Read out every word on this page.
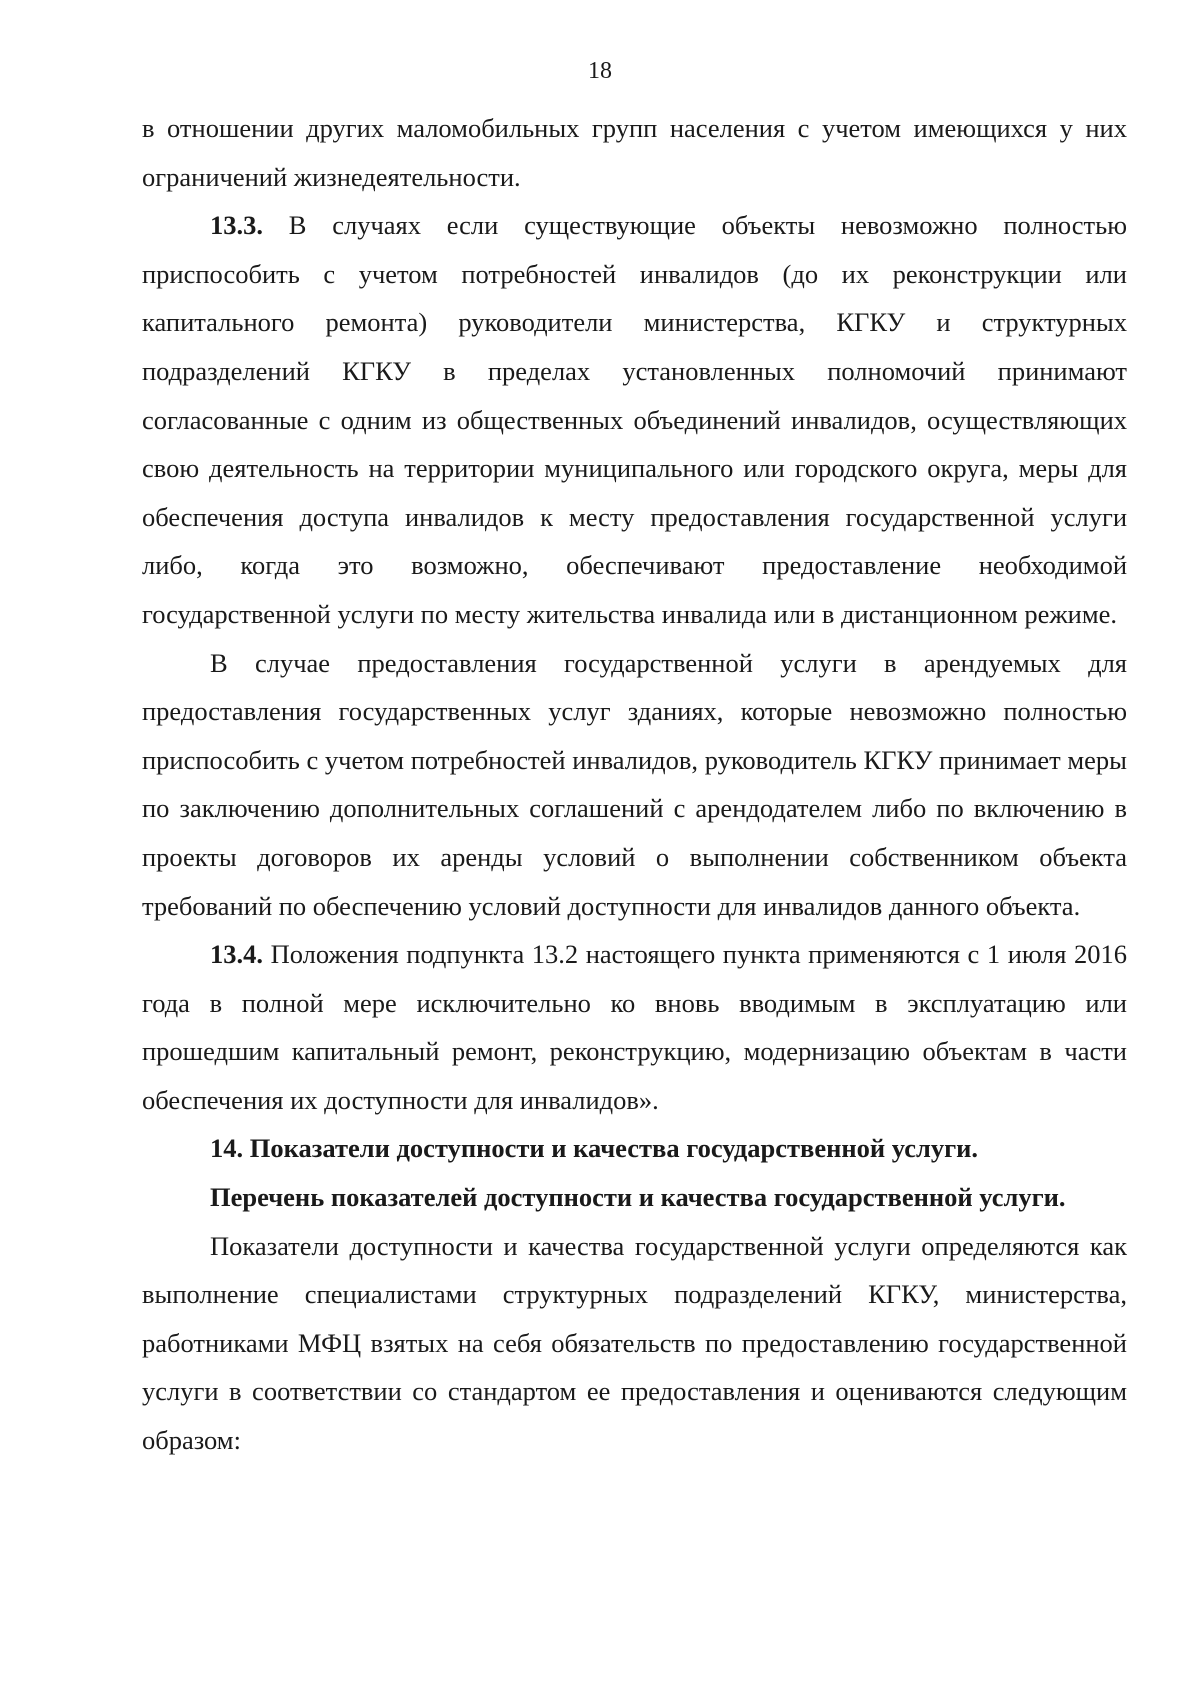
18

в отношении других маломобильных групп населения с учетом имеющихся у них ограничений жизнедеятельности.

13.3. В случаях если существующие объекты невозможно полностью приспособить с учетом потребностей инвалидов (до их реконструкции или капитального ремонта) руководители министерства, КГКУ и структурных подразделений КГКУ в пределах установленных полномочий принимают согласованные с одним из общественных объединений инвалидов, осуществляющих свою деятельность на территории муниципального или городского округа, меры для обеспечения доступа инвалидов к месту предоставления государственной услуги либо, когда это возможно, обеспечивают предоставление необходимой государственной услуги по месту жительства инвалида или в дистанционном режиме.

В случае предоставления государственной услуги в арендуемых для предоставления государственных услуг зданиях, которые невозможно полностью приспособить с учетом потребностей инвалидов, руководитель КГКУ принимает меры по заключению дополнительных соглашений с арендодателем либо по включению в проекты договоров их аренды условий о выполнении собственником объекта требований по обеспечению условий доступности для инвалидов данного объекта.

13.4. Положения подпункта 13.2 настоящего пункта применяются с 1 июля 2016 года в полной мере исключительно ко вновь вводимым в эксплуатацию или прошедшим капитальный ремонт, реконструкцию, модернизацию объектам в части обеспечения их доступности для инвалидов».

14. Показатели доступности и качества государственной услуги.

Перечень показателей доступности и качества государственной услуги.

Показатели доступности и качества государственной услуги определяются как выполнение специалистами структурных подразделений КГКУ, министерства, работниками МФЦ взятых на себя обязательств по предоставлению государственной услуги в соответствии со стандартом ее предоставления и оцениваются следующим образом:
